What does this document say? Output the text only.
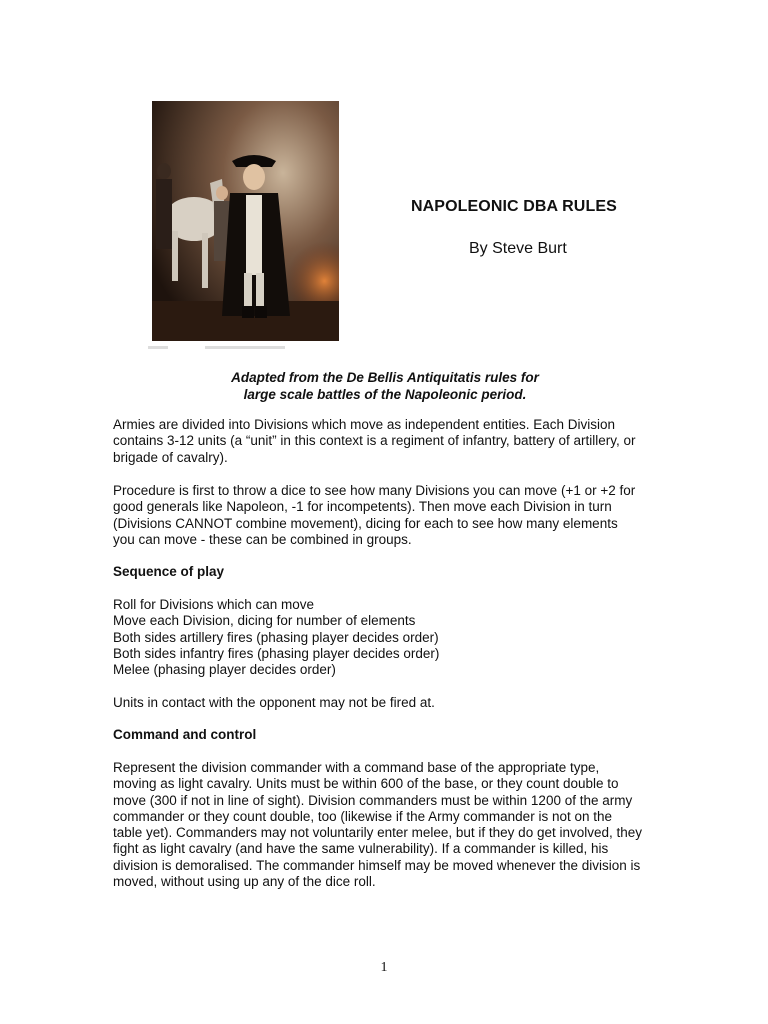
NAPOLEONIC DBA RULES
By Steve Burt
Adapted from the De Bellis Antiquitatis rules for
large scale battles of the Napoleonic period.
Armies are divided into Divisions which move as independent entities. Each Division
contains 3-12 units (a “unit” in this context is a regiment of infantry, battery of artillery, or
brigade of cavalry).
Procedure is first to throw a dice to see how many Divisions you can move (+1 or +2 for
good generals like Napoleon, -1 for incompetents). Then move each Division in turn
(Divisions CANNOT combine movement), dicing for each to see how many elements
you can move - these can be combined in groups.
Sequence of play
Roll for Divisions which can move
Move each Division, dicing for number of elements
Both sides artillery fires (phasing player decides order)
Both sides infantry fires (phasing player decides order)
Melee (phasing player decides order)
Units in contact with the opponent may not be fired at.
Command and control
Represent the division commander with a command base of the appropriate type,
moving as light cavalry. Units must be within 600 of the base, or they count double to
move (300 if not in line of sight). Division commanders must be within 1200 of the army
commander or they count double, too (likewise if the Army commander is not on the
table yet). Commanders may not voluntarily enter melee, but if they do get involved, they
fight as light cavalry (and have the same vulnerability). If a commander is killed, his
division is demoralised. The commander himself may be moved whenever the division is
moved, without using up any of the dice roll.
1
